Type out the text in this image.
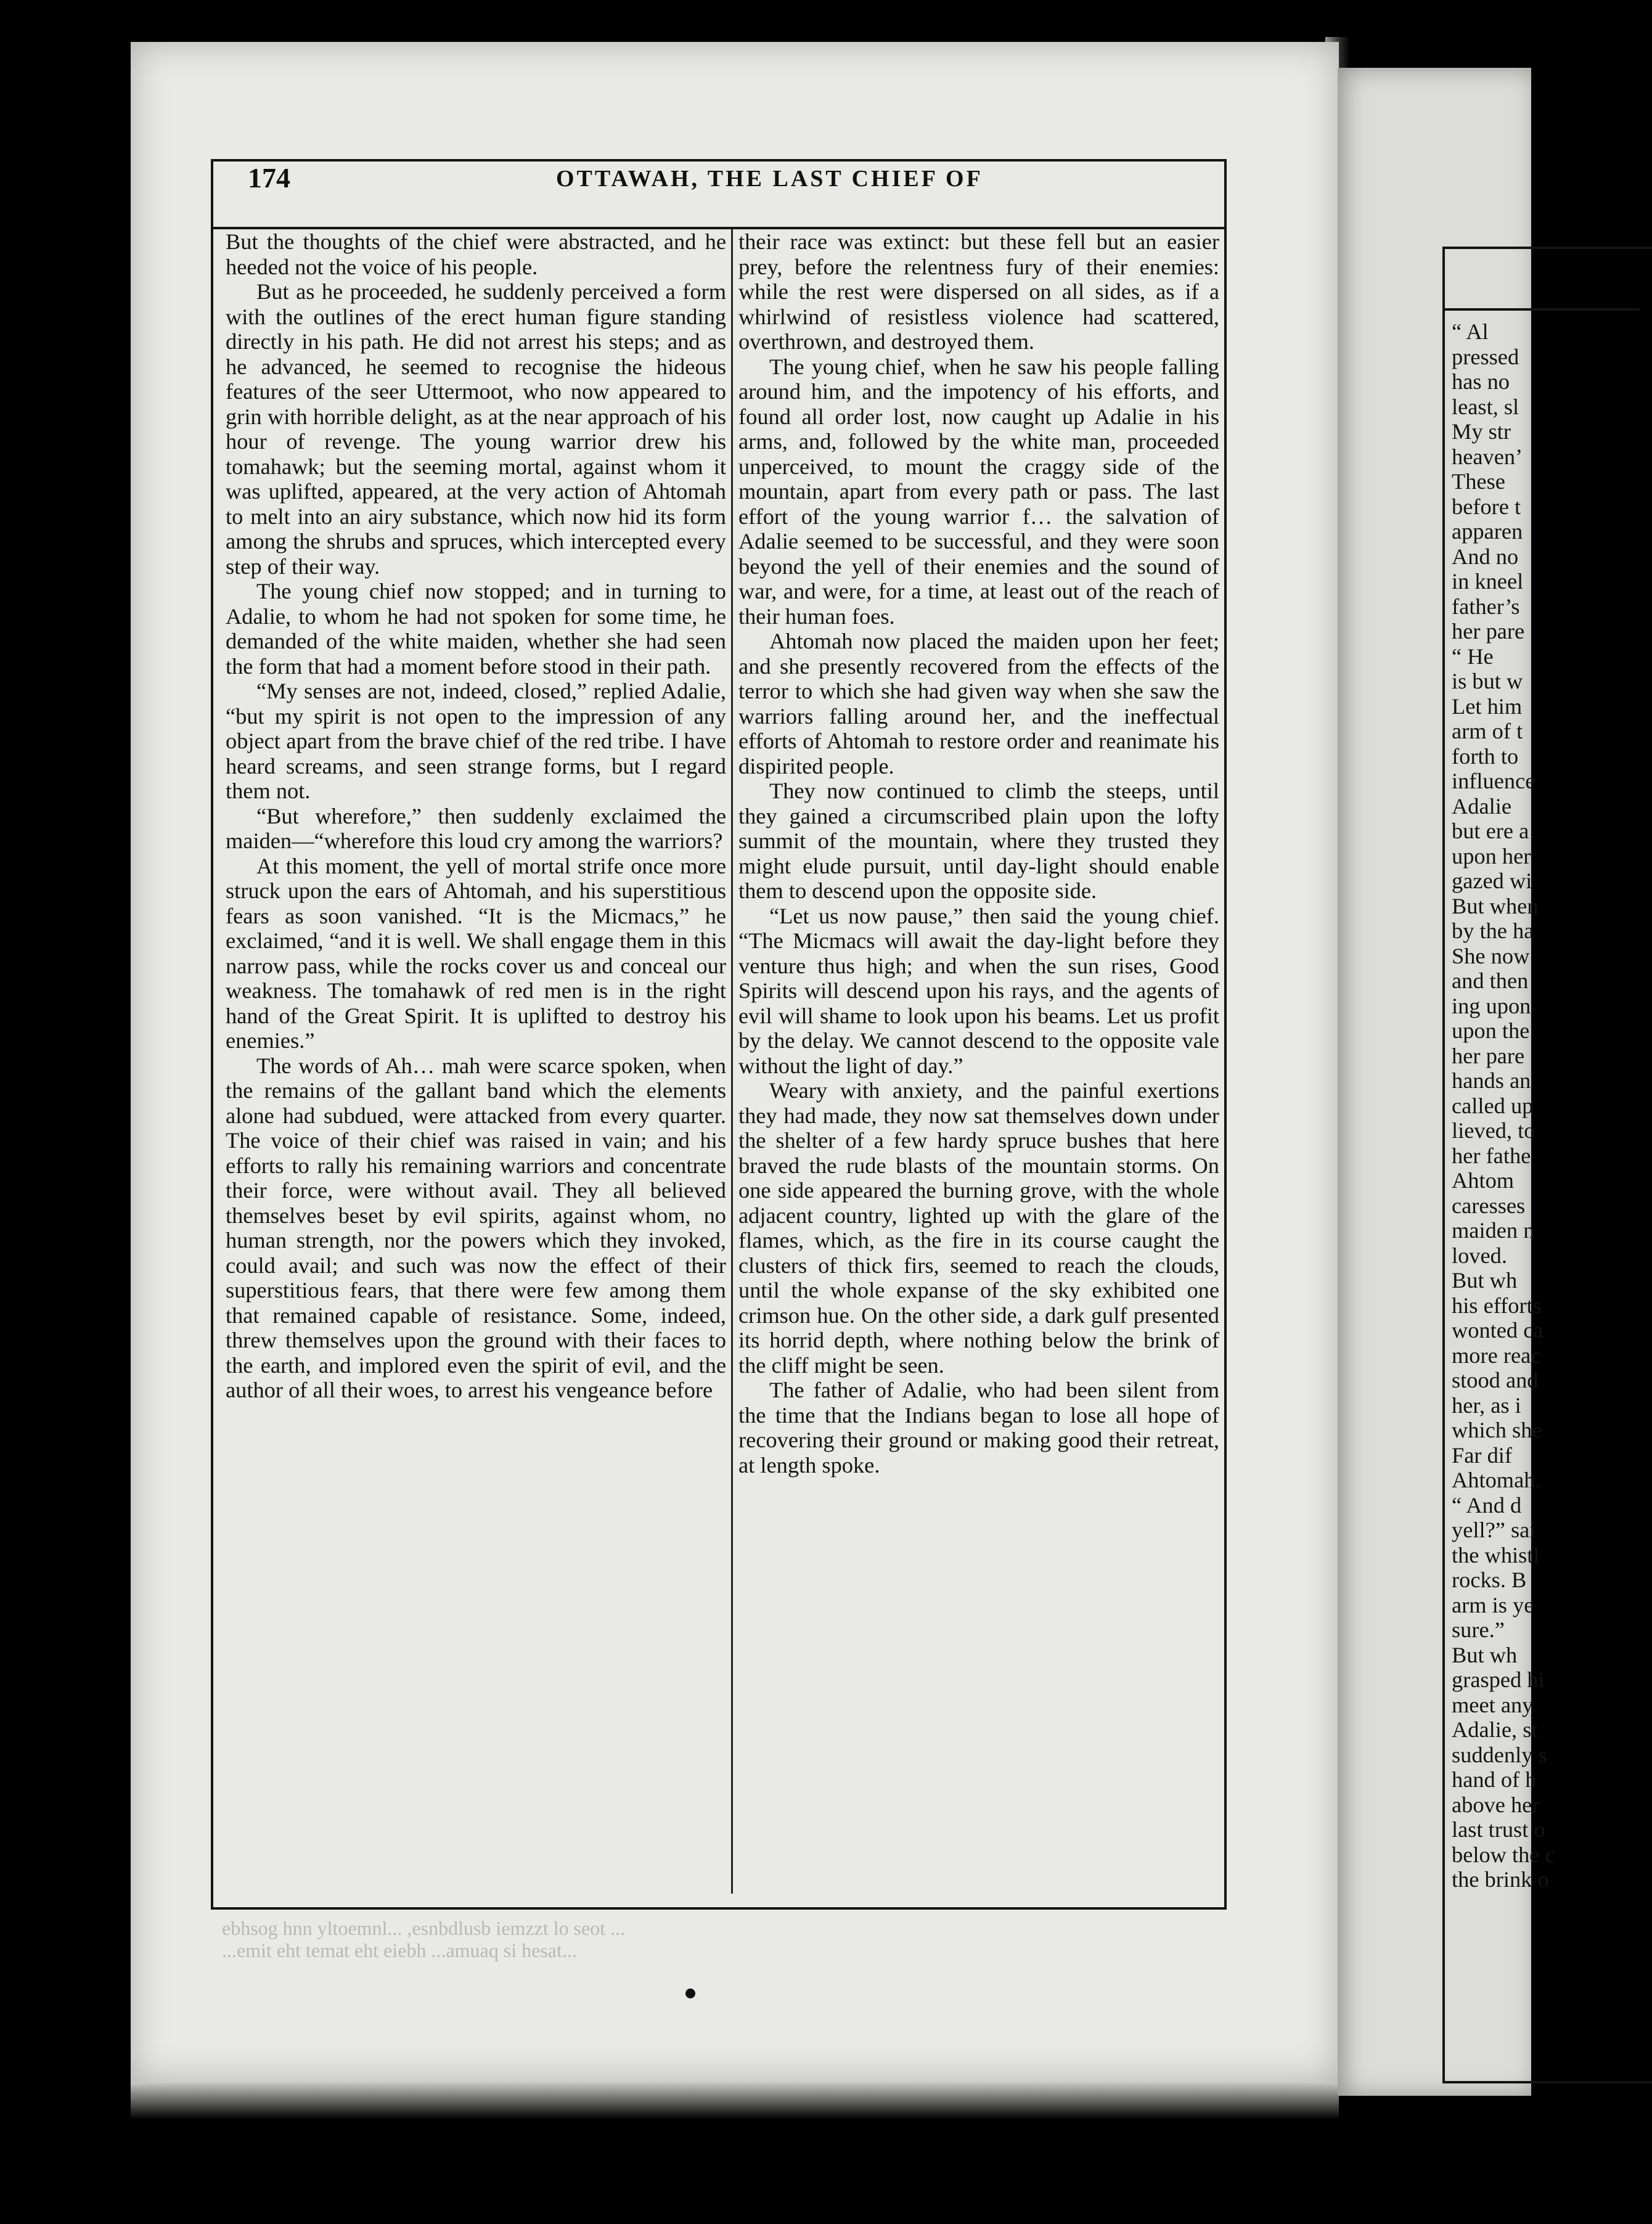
174	OTTAWAH, THE LAST CHIEF OF

But the thoughts of the chief were abstracted, and he heeded not the voice of his people.

But as he proceeded, he suddenly perceived a form with the outlines of the erect human figure standing directly in his path. He did not arrest his steps; and as he advanced, he seemed to recognise the hideous features of the seer Uttermoot, who now appeared to grin with horrible delight, as at the near approach of his hour of revenge. The young warrior drew his tomahawk; but the seeming mortal, against whom it was uplifted, appeared, at the very action of Ahtomah to melt into an airy substance, which now hid its form among the shrubs and spruces, which intercepted every step of their way.

The young chief now stopped; and in turning to Adalie, to whom he had not spoken for some time, he demanded of the white maiden, whether she had seen the form that had a moment before stood in their path.

“My senses are not, indeed, closed,” replied Adalie, “but my spirit is not open to the impression of any object apart from the brave chief of the red tribe. I have heard screams, and seen strange forms, but I regard them not.

“But wherefore,” then suddenly exclaimed the maiden—“wherefore this loud cry among the warriors?

At this moment, the yell of mortal strife once more struck upon the ears of Ahtomah, and his superstitious fears as soon vanished. “It is the Micmacs,” he exclaimed, “and it is well. We shall engage them in this narrow pass, while the rocks cover us and conceal our weakness. The tomahawk of red men is in the right hand of the Great Spirit. It is uplifted to destroy his enemies.”

The words of Ah… mah were scarce spoken, when the remains of the gallant band which the elements alone had subdued, were attacked from every quarter. The voice of their chief was raised in vain; and his efforts to rally his remaining warriors and concentrate their force, were without avail. They all believed themselves beset by evil spirits, against whom, no human strength, nor the powers which they invoked, could avail; and such was now the effect of their superstitious fears, that there were few among them that remained capable of resistance. Some, indeed, threw themselves upon the ground with their faces to the earth, and implored even the spirit of evil, and the author of all their woes, to arrest his vengeance before

their race was extinct: but these fell but an easier prey, before the relentness fury of their enemies: while the rest were dispersed on all sides, as if a whirlwind of resistless violence had scattered, overthrown, and destroyed them.

The young chief, when he saw his people falling around him, and the impotency of his efforts, and found all order lost, now caught up Adalie in his arms, and, followed by the white man, proceeded unperceived, to mount the craggy side of the mountain, apart from every path or pass. The last effort of the young warrior f… the salvation of Adalie seemed to be successful, and they were soon beyond the yell of their enemies and the sound of war, and were, for a time, at least out of the reach of their human foes.

Ahtomah now placed the maiden upon her feet; and she presently recovered from the effects of the terror to which she had given way when she saw the warriors falling around her, and the ineffectual efforts of Ahtomah to restore order and reanimate his dispirited people.

They now continued to climb the steeps, until they gained a circumscribed plain upon the lofty summit of the mountain, where they trusted they might elude pursuit, until day-light should enable them to descend upon the opposite side.

“Let us now pause,” then said the young chief. “The Micmacs will await the day-light before they venture thus high; and when the sun rises, Good Spirits will descend upon his rays, and the agents of evil will shame to look upon his beams. Let us profit by the delay. We cannot descend to the opposite vale without the light of day.”

Weary with anxiety, and the painful exertions they had made, they now sat themselves down under the shelter of a few hardy spruce bushes that here braved the rude blasts of the mountain storms. On one side appeared the burning grove, with the whole adjacent country, lighted up with the glare of the flames, which, as the fire in its course caught the clusters of thick firs, seemed to reach the clouds, until the whole expanse of the sky exhibited one crimson hue. On the other side, a dark gulf presented its horrid depth, where nothing below the brink of the cliff might be seen.

The father of Adalie, who had been silent from the time that the Indians began to lose all hope of recovering their ground or making good their retreat, at length spoke.

ebhsog hnn yltoemnl... ,esnbdlusb iemzzt lo seot ...
...emit eht temat eht eiebh ...amuaq si hesat...
“ Al
pressed
has no
least, sl
My str
heaven’
These
before t
apparen
And no
in kneel
father’s
her pare
“ He
is but w
Let him
arm of t
forth to
influence
Adalie
but ere a
upon her
gazed wi
But when
by the ha
She now
and then
ing upon
upon the
her pare
hands an
called up
lieved, to
her fathe
Ahtom
caresses
maiden n
loved.
But wh
his efforts
wonted ca
more reac
stood and
her, as i
which she
Far dif
Ahtomah.
“ And d
yell?” sai
the whistl
rocks. B
arm is ye
sure.”
But wh
grasped hi
meet any
Adalie, st
suddenly s
hand of h
above her
last trust o
below the c
the brink o
